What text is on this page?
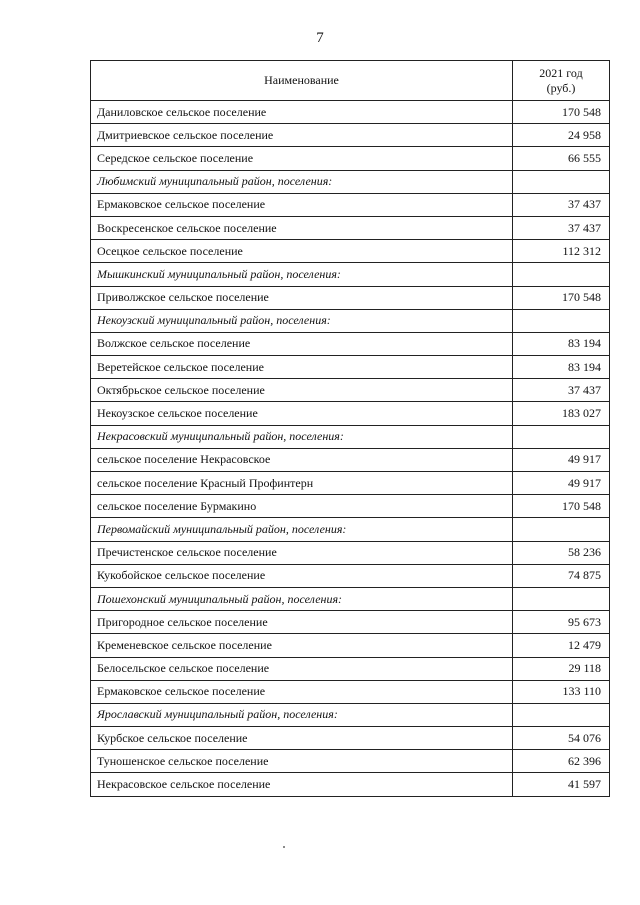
7
Наименование	2021 год
(руб.)
Даниловское сельское поселение	170 548
Дмитриевское сельское поселение	24 958
Середское сельское поселение	66 555
Любимский муниципальный район, поселения:	
Ермаковское сельское поселение	37 437
Воскресенское сельское поселение	37 437
Осецкое сельское поселение	112 312
Мышкинский муниципальный район, поселения:	
Приволжское сельское поселение	170 548
Некоузский муниципальный район, поселения:	
Волжское сельское поселение	83 194
Веретейское сельское поселение	83 194
Октябрьское сельское поселение	37 437
Некоузское сельское поселение	183 027
Некрасовский муниципальный район, поселения:	
сельское поселение Некрасовское	49 917
сельское поселение Красный Профинтерн	49 917
сельское поселение Бурмакино	170 548
Первомайский муниципальный район, поселения:	
Пречистенское сельское поселение	58 236
Кукобойское сельское поселение	74 875
Пошехонский муниципальный район, поселения:	
Пригородное сельское поселение	95 673
Кременевское сельское поселение	12 479
Белосельское сельское поселение	29 118
Ермаковское сельское поселение	133 110
Ярославский муниципальный район, поселения:	
Курбское сельское поселение	54 076
Туношенское сельское поселение	62 396
Некрасовское сельское поселение	41 597
